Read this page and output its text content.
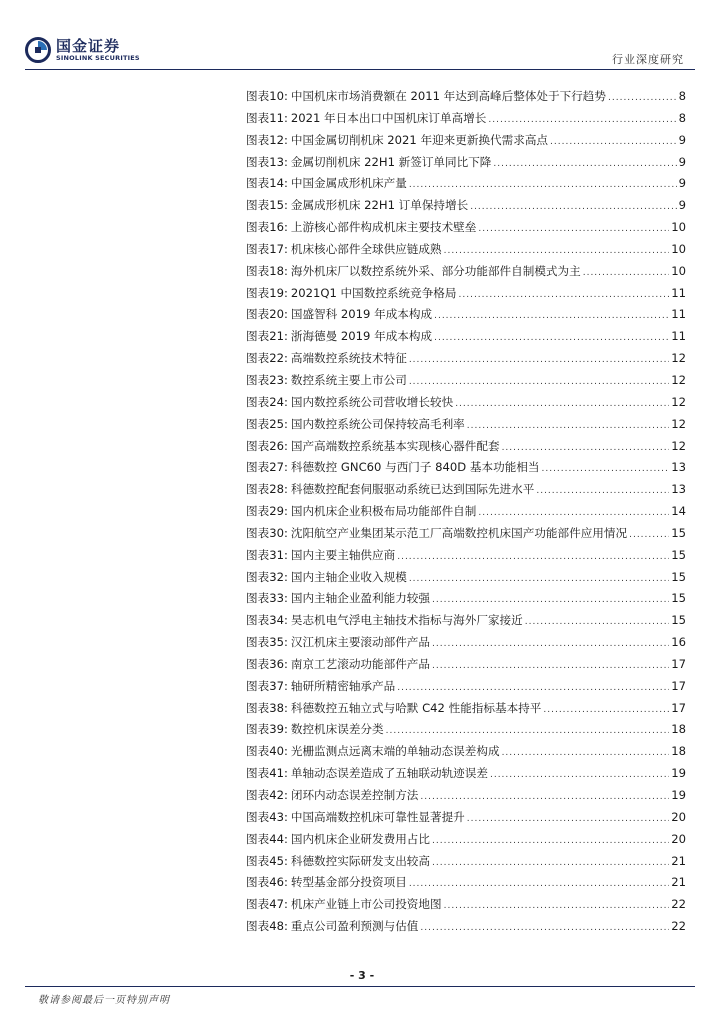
国金证券
SINOLINK SECURITIES	行业深度研究
图表10: 中国机床市场消费额在 2011 年达到高峰后整体处于下行趋势 .....	8
图表11: 2021 年日本出口中国机床订单高增长 .....	8
图表12: 中国金属切削机床 2021 年迎来更新换代需求高点 .....	9
图表13: 金属切削机床 22H1 新签订单同比下降 .....	9
图表14: 中国金属成形机床产量 .....	9
图表15: 金属成形机床 22H1 订单保持增长 .....	9
图表16: 上游核心部件构成机床主要技术壁垒 .....	10
图表17: 机床核心部件全球供应链成熟 .....	10
图表18: 海外机床厂以数控系统外采、部分功能部件自制模式为主 .....	10
图表19: 2021Q1 中国数控系统竞争格局 .....	11
图表20: 国盛智科 2019 年成本构成 .....	11
图表21: 浙海德曼 2019 年成本构成 .....	11
图表22: 高端数控系统技术特征 .....	12
图表23: 数控系统主要上市公司 .....	12
图表24: 国内数控系统公司营收增长较快 .....	12
图表25: 国内数控系统公司保持较高毛利率 .....	12
图表26: 国产高端数控系统基本实现核心器件配套 .....	12
图表27: 科德数控 GNC60 与西门子 840D 基本功能相当 .....	13
图表28: 科德数控配套伺服驱动系统已达到国际先进水平 .....	13
图表29: 国内机床企业积极布局功能部件自制 .....	14
图表30: 沈阳航空产业集团某示范工厂高端数控机床国产功能部件应用情况 .....	15
图表31: 国内主要主轴供应商 .....	15
图表32: 国内主轴企业收入规模 .....	15
图表33: 国内主轴企业盈利能力较强 .....	15
图表34: 昊志机电气浮电主轴技术指标与海外厂家接近 .....	15
图表35: 汉江机床主要滚动部件产品 .....	16
图表36: 南京工艺滚动功能部件产品 .....	17
图表37: 轴研所精密轴承产品 .....	17
图表38: 科德数控五轴立式与哈默 C42 性能指标基本持平 .....	17
图表39: 数控机床误差分类 .....	18
图表40: 光栅监测点远离末端的单轴动态误差构成 .....	18
图表41: 单轴动态误差造成了五轴联动轨迹误差 .....	19
图表42: 闭环内动态误差控制方法 .....	19
图表43: 中国高端数控机床可靠性显著提升 .....	20
图表44: 国内机床企业研发费用占比 .....	20
图表45: 科德数控实际研发支出较高 .....	21
图表46: 转型基金部分投资项目 .....	21
图表47: 机床产业链上市公司投资地图 .....	22
图表48: 重点公司盈利预测与估值 .....	22
- 3 -
敬请参阅最后一页特别声明
